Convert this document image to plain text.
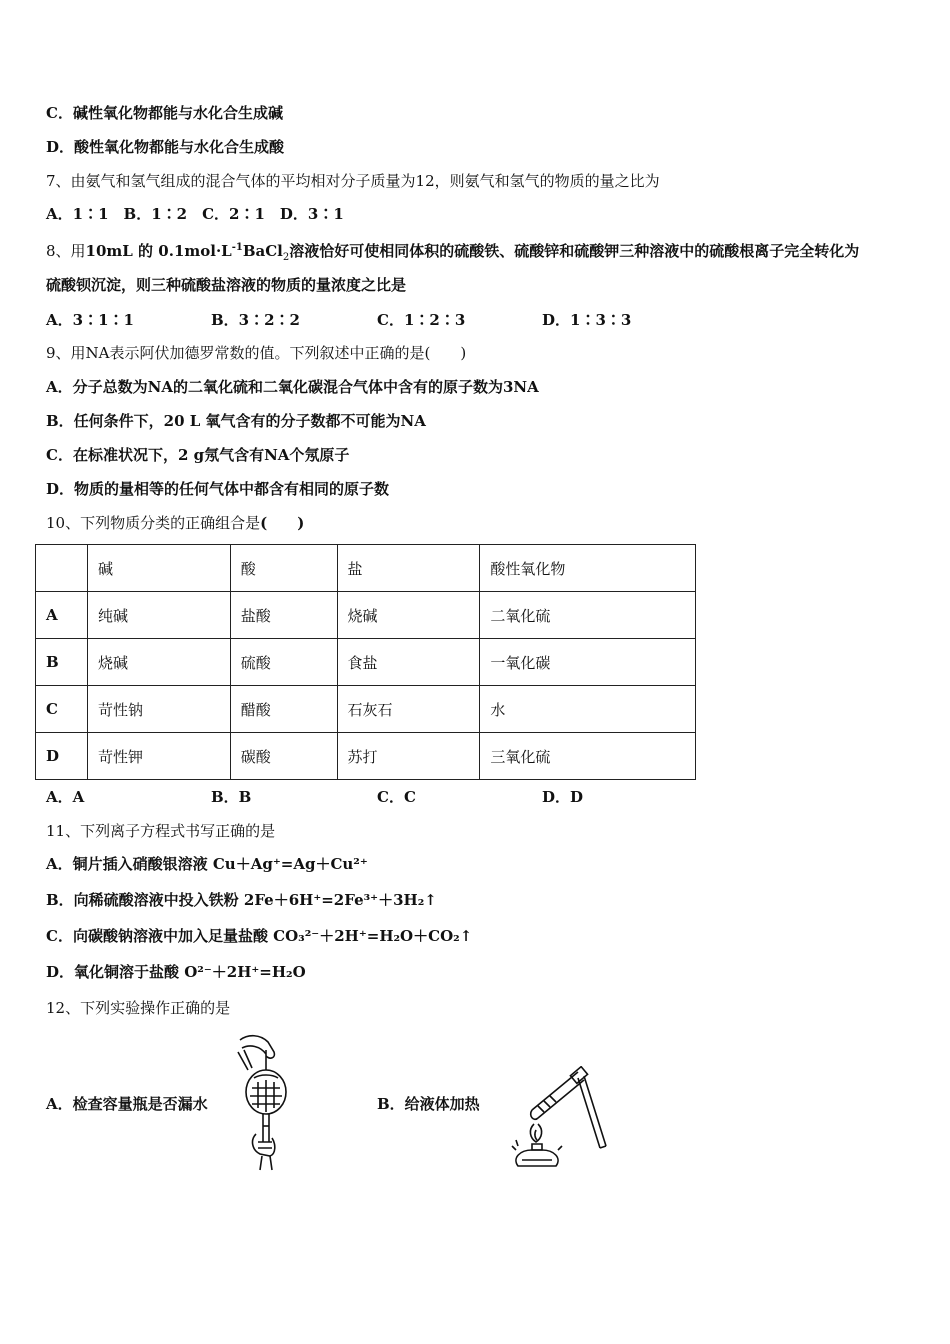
C．碱性氧化物都能与水化合生成碱
D．酸性氧化物都能与水化合生成酸
7、由氨气和氢气组成的混合气体的平均相对分子质量为12，则氨气和氢气的物质的量之比为
A．1∶1　B．1∶2　C．2∶1　D．3∶1
8、用10mL 的 $0.1mol\cdot L^{-1}BaCl_2$溶液恰好可使相同体积的硫酸铁、硫酸锌和硫酸钾三种溶液中的硫酸根离子完全转化为
硫酸钡沉淀，则三种硫酸盐溶液的物质的量浓度之比是
A．3∶1∶1	B．3∶2∶2	C．1∶2∶3	D．1∶3∶3
9、用NA表示阿伏加德罗常数的值。下列叙述中正确的是(　　)
A．分子总数为NA的二氧化硫和二氧化碳混合气体中含有的原子数为3NA
B．任何条件下，20 L 氧气含有的分子数都不可能为NA
C．在标准状况下，2 g氖气含有NA个氖原子
D．物质的量相等的任何气体中都含有相同的原子数
10、下列物质分类的正确组合是(　　)
	碱	酸	盐	酸性氧化物
A	纯碱	盐酸	烧碱	二氧化硫
B	烧碱	硫酸	食盐	一氧化碳
C	苛性钠	醋酸	石灰石	水
D	苛性钾	碳酸	苏打	三氧化硫
A．A	B．B	C．C	D．D
11、下列离子方程式书写正确的是
A．铜片插入硝酸银溶液 Cu＋Ag⁺=Ag＋Cu²⁺
B．向稀硫酸溶液中投入铁粉 2Fe＋6H⁺=2Fe³⁺＋3H₂↑
C．向碳酸钠溶液中加入足量盐酸 CO₃²⁻＋2H⁺=H₂O＋CO₂↑
D．氧化铜溶于盐酸 O²⁻＋2H⁺=H₂O
12、下列实验操作正确的是
A．检查容量瓶是否漏水	B．给液体加热
